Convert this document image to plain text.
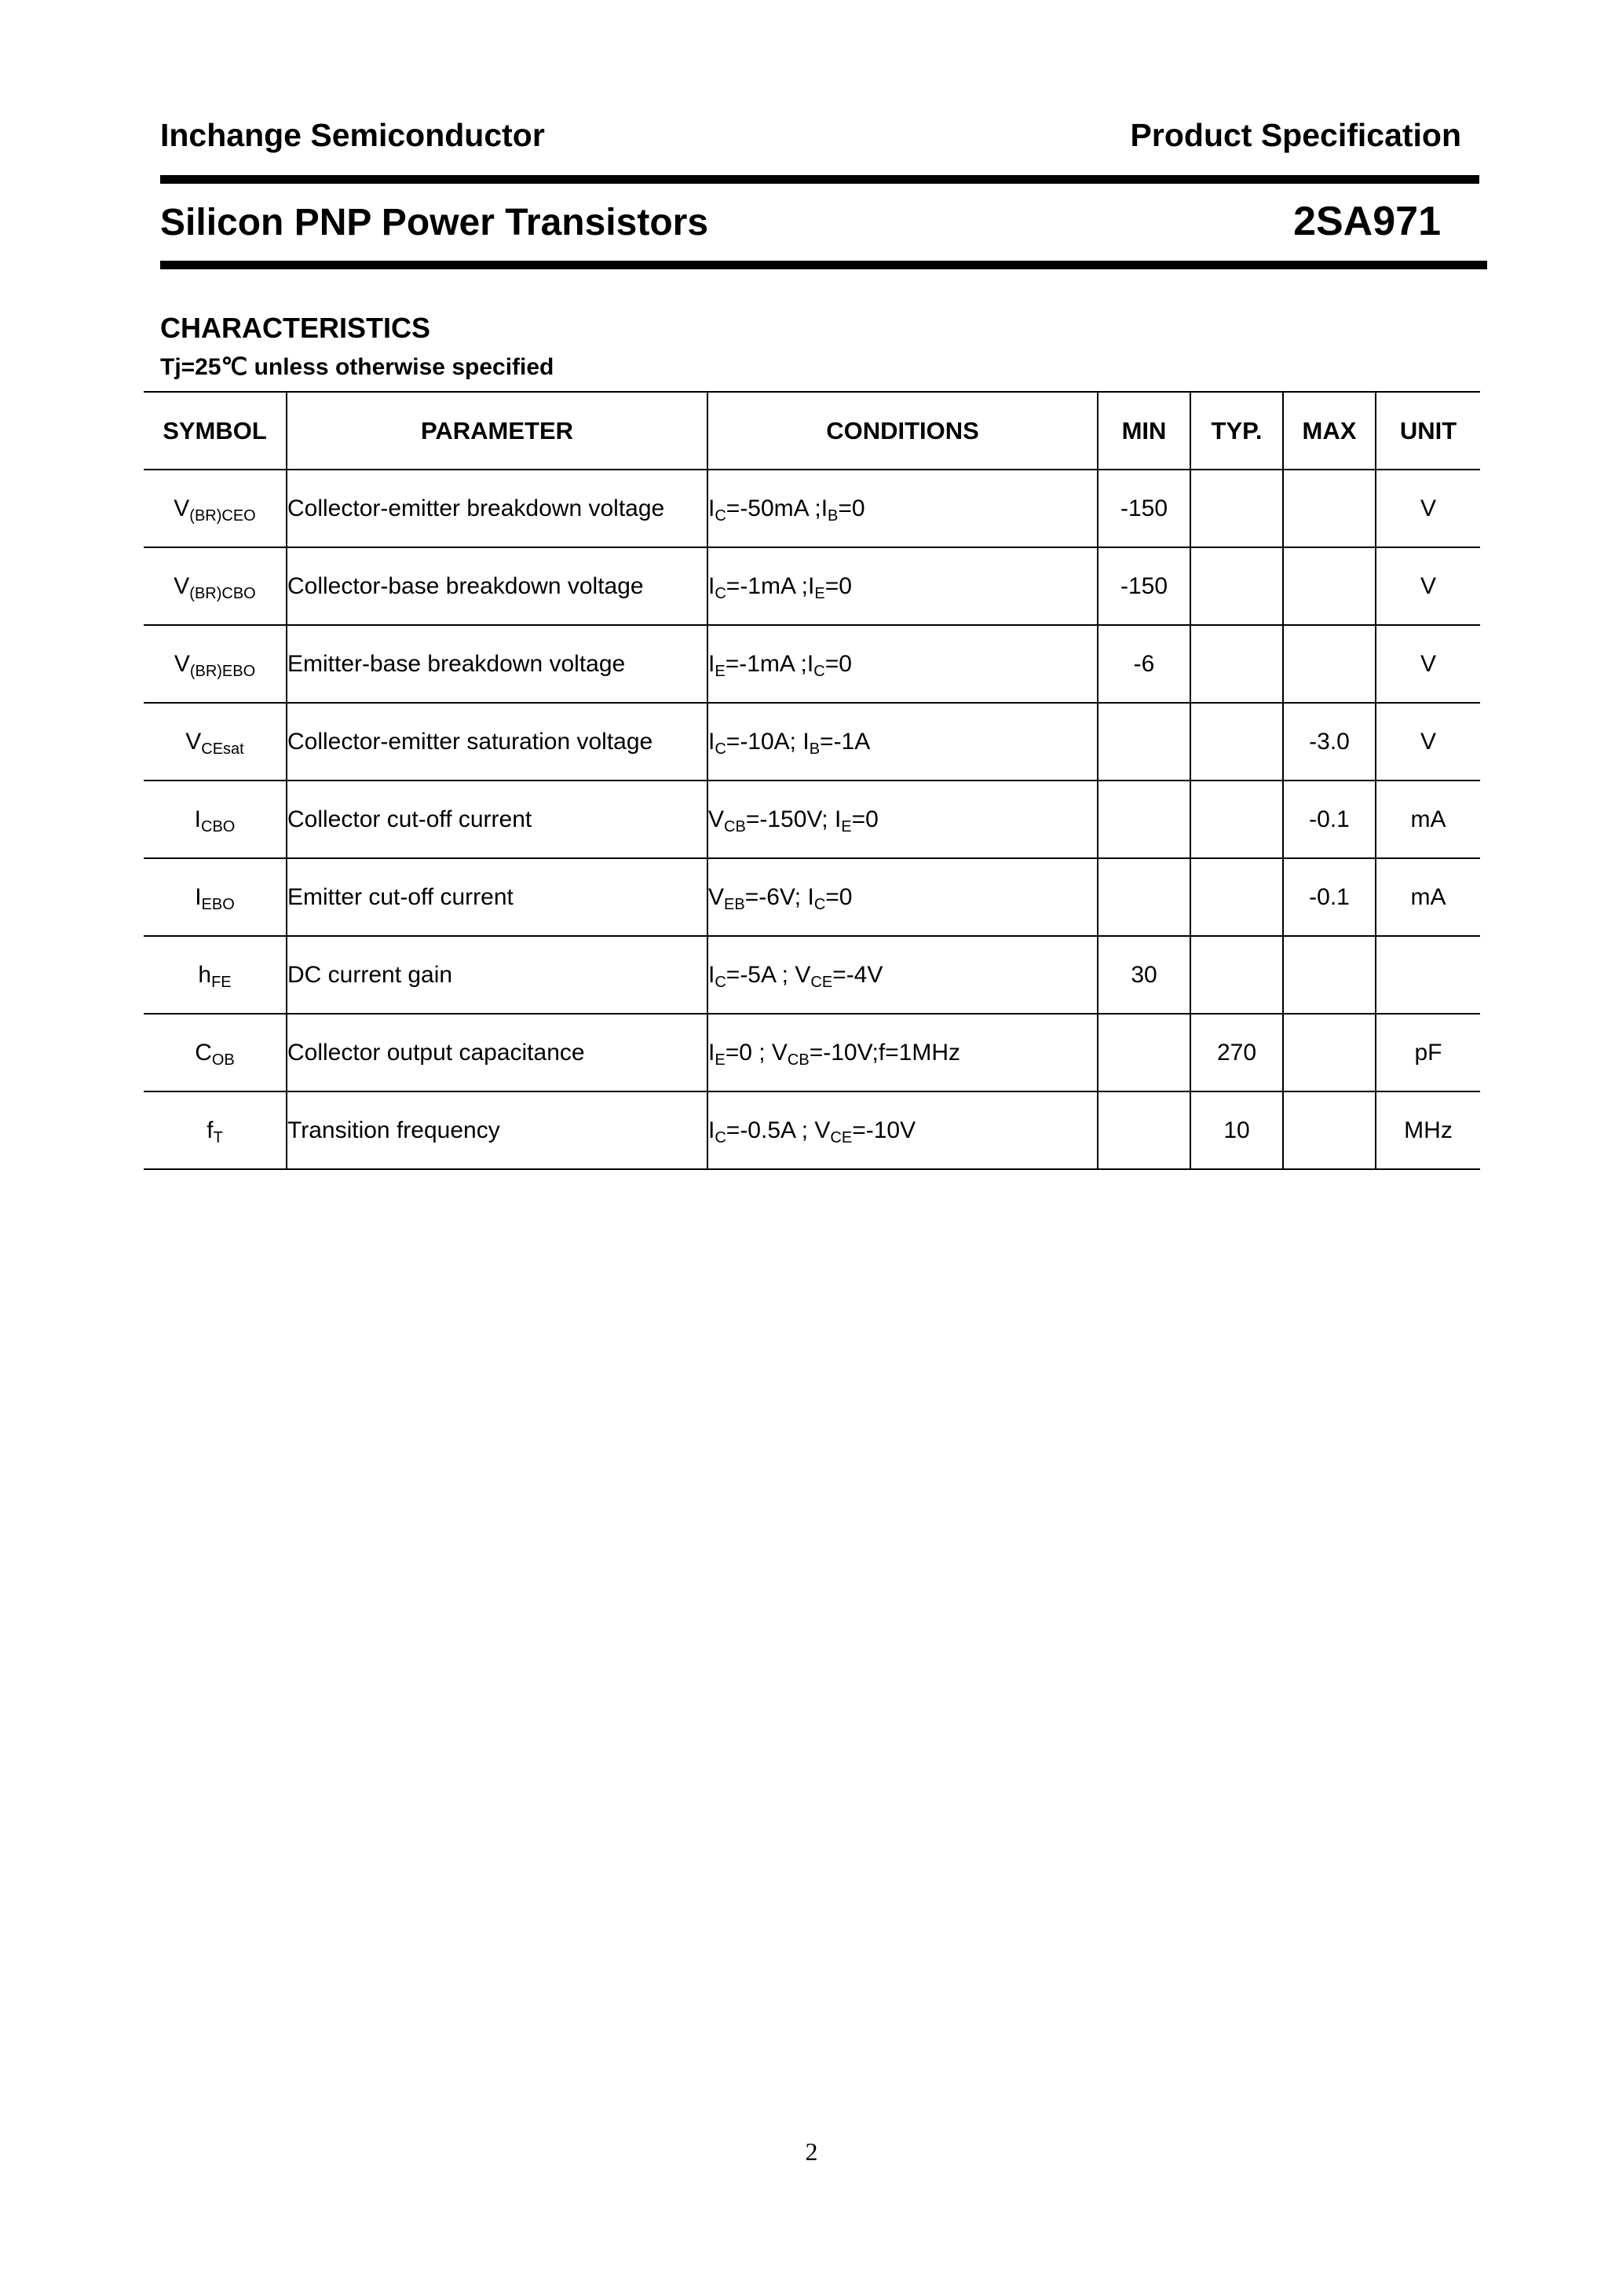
Inchange Semiconductor	Product Specification
Silicon PNP Power Transistors	2SA971
CHARACTERISTICS
Tj=25℃ unless otherwise specified
SYMBOL	PARAMETER	CONDITIONS	MIN	TYP.	MAX	UNIT
$V_{(BR)CEO}$	Collector-emitter breakdown voltage	$I_C=-50mA$ $;I_B=0$	-150			V
$V_{(BR)CBO}$	Collector-base breakdown voltage	$I_C=-1mA$ $;I_E=0$	-150			V
$V_{(BR)EBO}$	Emitter-base breakdown voltage	$I_E=-1mA$ $;I_C=0$	-6			V
$V_{CEsat}$	Collector-emitter saturation voltage	$I_C=-10A$; $I_B=-1A$			-3.0	V
$I_{CBO}$	Collector cut-off current	$V_{CB}=-150V$; $I_E=0$			-0.1	mA
$I_{EBO}$	Emitter cut-off current	$V_{EB}=-6V$; $I_C=0$			-0.1	mA
$h_{FE}$	DC current gain	$I_C=-5A$ ; $V_{CE}=-4V$	30			
$C_{OB}$	Collector output capacitance	$I_E=0$ ; $V_{CB}=-10V;f=1MHz$		270		pF
$f_T$	Transition frequency	$I_C=-0.5A$ ; $V_{CE}=-10V$		10		MHz
2
